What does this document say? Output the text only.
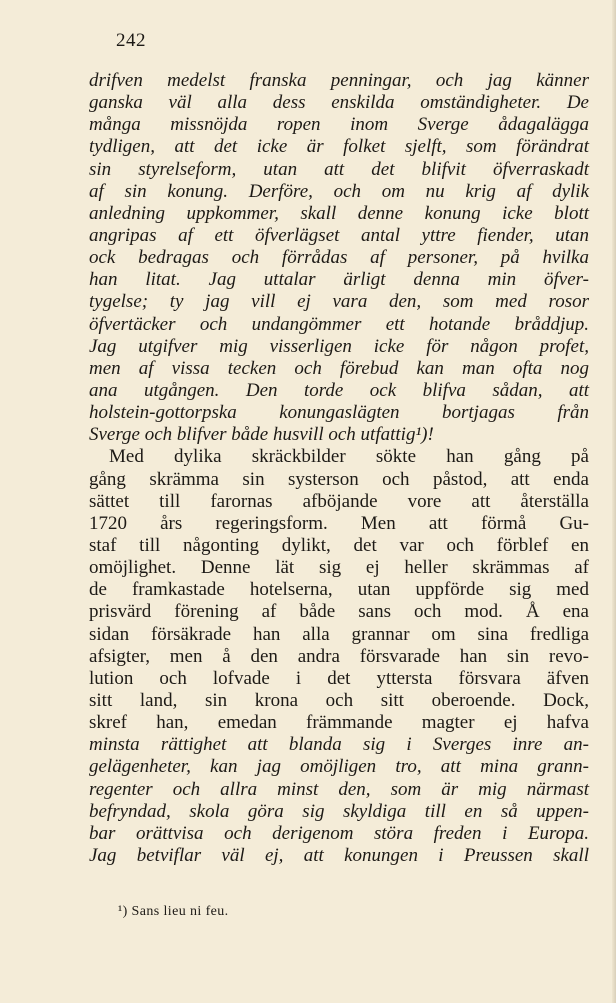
242
drifven medelst franska penningar, och jag känner
ganska väl alla dess enskilda omständigheter. De
många missnöjda ropen inom Sverge ådagalägga
tydligen, att det icke är folket sjelft, som förändrat
sin styrelseform, utan att det blifvit öfverraskadt
af sin konung. Derföre, och om nu krig af dylik
anledning uppkommer, skall denne konung icke blott
angripas af ett öfverlägset antal yttre fiender, utan
ock bedragas och förrådas af personer, på hvilka
han litat. Jag uttalar ärligt denna min öfver-
tygelse; ty jag vill ej vara den, som med rosor
öfvertäcker och undangömmer ett hotande bråddjup.
Jag utgifver mig visserligen icke för någon profet,
men af vissa tecken och förebud kan man ofta nog
ana utgången. Den torde ock blifva sådan, att
holstein-gottorpska konungaslägten bortjagas från
Sverge och blifver både husvill och utfattig¹)!
Med dylika skräckbilder sökte han gång på
gång skrämma sin systerson och påstod, att enda
sättet till farornas afböjande vore att återställa
1720 års regeringsform. Men att förmå Gu-
staf till någonting dylikt, det var och förblef en
omöjlighet. Denne lät sig ej heller skrämmas af
de framkastade hotelserna, utan uppförde sig med
prisvärd förening af både sans och mod. Å ena
sidan försäkrade han alla grannar om sina fredliga
afsigter, men å den andra försvarade han sin revo-
lution och lofvade i det yttersta försvara äfven
sitt land, sin krona och sitt oberoende. Dock,
skref han, emedan främmande magter ej hafva
minsta rättighet att blanda sig i Sverges inre an-
gelägenheter, kan jag omöjligen tro, att mina grann-
regenter och allra minst den, som är mig närmast
befryndad, skola göra sig skyldiga till en så uppen-
bar orättvisa och derigenom störa freden i Europa.
Jag betviflar väl ej, att konungen i Preussen skall
¹) Sans lieu ni feu.
